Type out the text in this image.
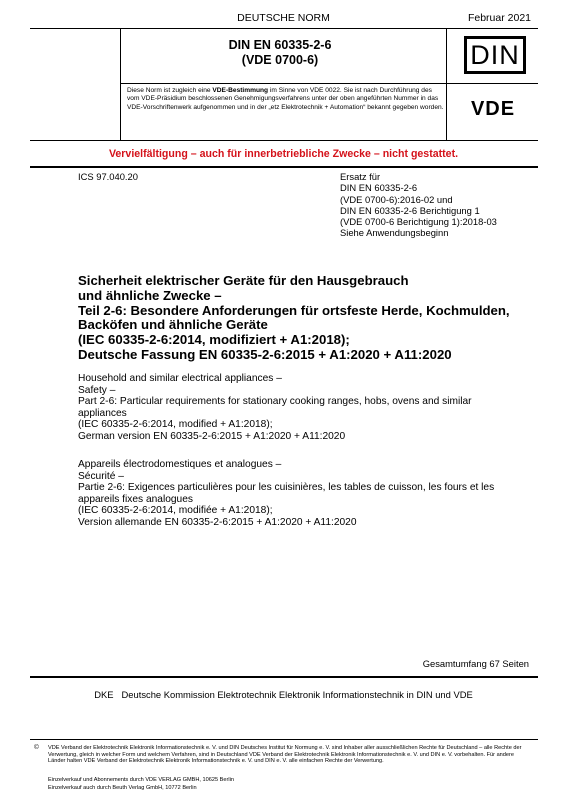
DEUTSCHE NORM	Februar 2021
DIN EN 60335-2-6
(VDE 0700-6)	DIN
Diese Norm ist zugleich eine VDE-Bestimmung im Sinne von VDE 0022. Sie ist nach Durchführung des vom VDE-Präsidium beschlossenen Genehmigungsverfahrens unter der oben angeführten Nummer in das VDE-Vorschriftenwerk aufgenommen und in der „etz Elektrotechnik + Automation“ bekannt gegeben worden.	VDE
Vervielfältigung – auch für innerbetriebliche Zwecke – nicht gestattet.
ICS 97.040.20	Ersatz für
DIN EN 60335-2-6
(VDE 0700-6):2016-02 und
DIN EN 60335-2-6 Berichtigung 1
(VDE 0700-6 Berichtigung 1):2018-03
Siehe Anwendungsbeginn
Sicherheit elektrischer Geräte für den Hausgebrauch
und ähnliche Zwecke –
Teil 2-6: Besondere Anforderungen für ortsfeste Herde, Kochmulden,
Backöfen und ähnliche Geräte
(IEC 60335-2-6:2014, modifiziert + A1:2018);
Deutsche Fassung EN 60335-2-6:2015 + A1:2020 + A11:2020
Household and similar electrical appliances –
Safety –
Part 2-6: Particular requirements for stationary cooking ranges, hobs, ovens and similar
appliances
(IEC 60335-2-6:2014, modified + A1:2018);
German version EN 60335-2-6:2015 + A1:2020 + A11:2020
Appareils électrodomestiques et analogues –
Sécurité –
Partie 2-6: Exigences particulières pour les cuisinières, les tables de cuisson, les fours et les
appareils fixes analogues
(IEC 60335-2-6:2014, modifiée + A1:2018);
Version allemande EN 60335-2-6:2015 + A1:2020 + A11:2020
Gesamtumfang 67 Seiten
DKE Deutsche Kommission Elektrotechnik Elektronik Informationstechnik in DIN und VDE
© VDE Verband der Elektrotechnik Elektronik Informationstechnik e. V. und DIN Deutsches Institut für Normung e. V. sind Inhaber aller ausschließlichen Rechte für Deutschland – alle Rechte der Verwertung, gleich in welcher Form und welchem Verfahren, sind in Deutschland VDE Verband der Elektrotechnik Elektronik Informationstechnik e. V. und DIN e. V. vorbehalten. Für andere Länder halten VDE Verband der Elektrotechnik Elektronik Informationstechnik e. V. und DIN e. V. alle einfachen Rechte der Verwertung.
Einzelverkauf und Abonnements durch VDE VERLAG GMBH, 10625 Berlin
Einzelverkauf auch durch Beuth Verlag GmbH, 10772 Berlin
